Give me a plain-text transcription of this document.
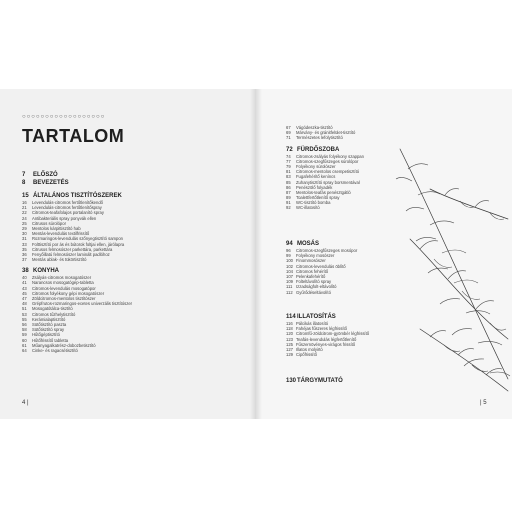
○○○○○○○○○○○○○○○○○○
TARTALOM
7 ELŐSZÓ
8 BEVEZETÉS
15 ÁLTALÁNOS TISZTÍTÓSZEREK
16 Levendulás-citromos fertőtlenítőkendő
21 Levendulás-citromos fertőtlenítőspray
22 Citromos-teafafolajos portalanító spray
24 Antibakteriális spray ponyvák ellen
25 Citrusos súrolópor
29 Mentolos kárpittisztító hab
30 Mentás-levendulás textilfrissítő
31 Rozmaringos-levendulás szőnyegtisztító sampon
33 Folttisztító por ás és bútorok foltjai ellen, járólapra
35 Citrusos felmosószer parkettára, parkettára
36 Fenyőillatú felmosószer laminált padlóhoz
37 Mentás ablak- és tükörtisztító
38 KONYHA
40 Zsályás-citromos mosogatószer
41 Narancsos mosogatógép-tabletta
43 Citromos-levendulás mosogatópor
45 Citromos folyékony gépi mosogatószer
47 Zöldcitromos-mentolos tisztítószer
48 Grépfrutos-rozmaringos-ecetes univerzális tisztítószer
51 Mosogatótálca-tisztító
53 Citromos tűzhelytisztító
55 Kerámialaptisztító
56 Sütőtisztító paszta
58 Sütőtisztító spray
59 Hűtőgéptisztító
60 Hűtőfrissítő tabletta
61 Műanyagalkatrész-dobozbetisztító
64 Cinke- és ragacsétisztító
4 |
67 Vágódeszka-tisztító
69 Márvány- és gránitfelület-tisztító
71 Természetes lefolytisztító
72 FÜRDŐSZOBA
74 Citromos-zsályás folyékony szappan
77 Citromos-szegfűszeges súrolópor
79 Folyékony súrolószer
81 Citromos-mentolos csempetisztító
83 Fugafehérítő keníncs
85 Zuhanytisztító spray borsmentával
86 Penészölő folyadék
87 Mentolos-teafás penésztgátló
89 Toalettfertőtlenítő spray
91 WC-tisztító bomba
92 WC-illatosító
94 MOSÁS
96 Citromos-szegfűszeges mosópor
99 Folyékony mosószer
100 Finommosószer
102 Citromos-levendulás öblítő
104 Citromos fehérítő
107 Pelenkafehérítő
109 Folteltávolító spray
111 Izzadságfolt-eltávolító
112 Gyűrődéseltávolító
114ILLATOSÍTÁS
116 Pálcikás illatosító
118 Fahéjas fűszeres légfrissítő
120 Citromfű-zöldcitrom-gyömbér légfrissítő
123 Teafás-levendulás légfertőtlenítő
125 Fűszernövényes-virágos frissítő
127 Illatos molyirtó
129 Cipőfrissítő
130TÁRGYMUTATÓ
| 5
